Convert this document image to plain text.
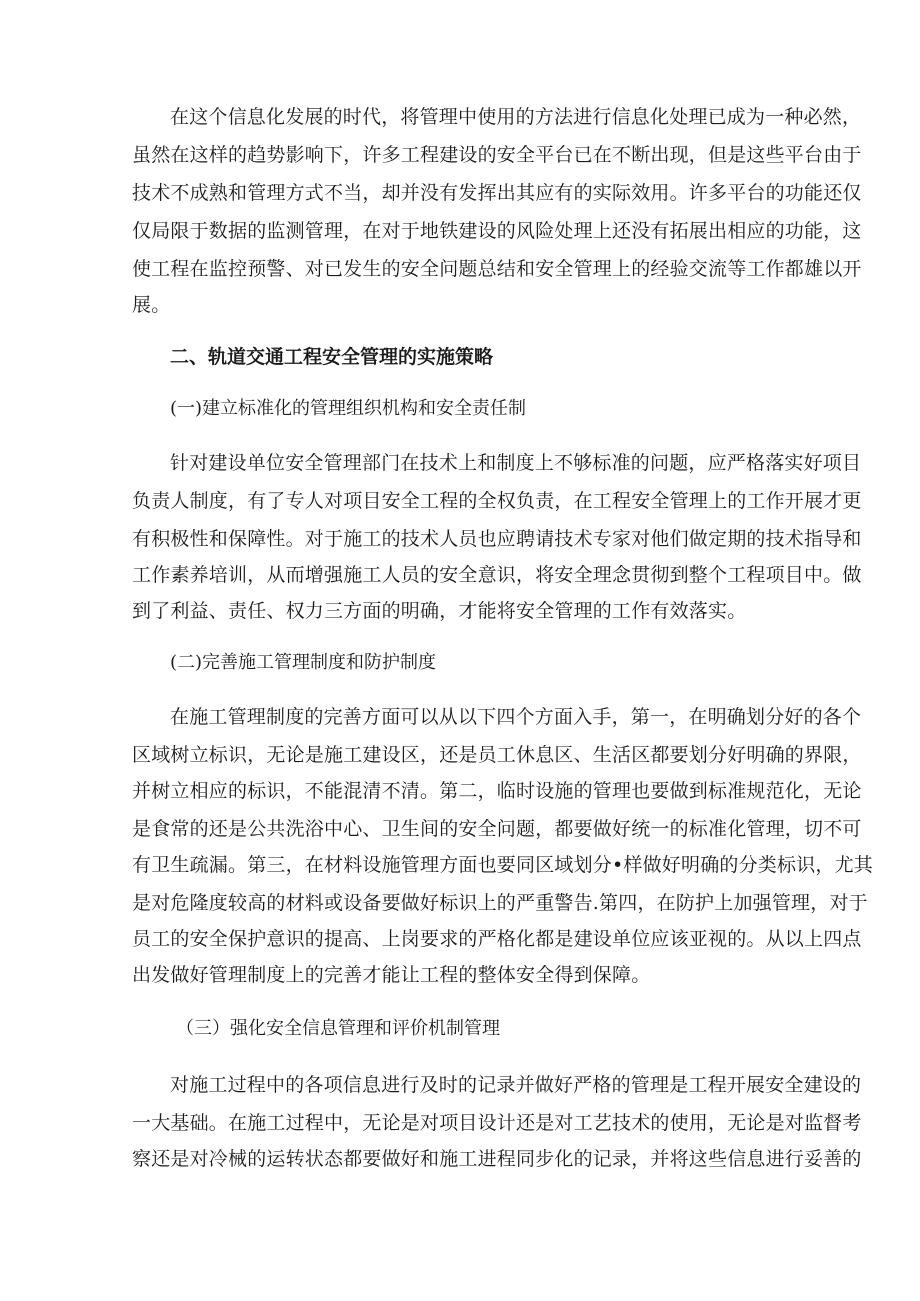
在这个信息化发展的时代，将管理中使用的方法进行信息化处理已成为一种必然，
虽然在这样的趋势影响下，许多工程建设的安全平台已在不断出现，但是这些平台由于
技术不成熟和管理方式不当，却并没有发挥出其应有的实际效用。许多平台的功能还仅
仅局限于数据的监测管理，在对于地铁建设的风险处理上还没有拓展出相应的功能，这
使工程在监控预警、对已发生的安全问题总结和安全管理上的经验交流等工作都雄以开
展。
二、轨道交通工程安全管理的实施策略
(一)建立标准化的管理组织机构和安全责任制
针对建设单位安全管理部门在技术上和制度上不够标准的问题，应严格落实好项目
负责人制度，有了专人对项目安全工程的全权负责，在工程安全管理上的工作开展才更
有积极性和保障性。对于施工的技术人员也应聘请技术专家对他们做定期的技术指导和
工作素养培训，从而增强施工人员的安全意识，将安全理念贯彻到整个工程项目中。做
到了利益、责任、权力三方面的明确，才能将安全管理的工作有效落实。
(二)完善施工管理制度和防护制度
在施工管理制度的完善方面可以从以下四个方面入手，第一，在明确划分好的各个
区域树立标识，无论是施工建设区，还是员工休息区、生活区都要划分好明确的界限，
并树立相应的标识，不能混清不清。第二，临时设施的管理也要做到标准规范化，无论
是食常的还是公共洗浴中心、卫生间的安全问题，都要做好统一的标准化管理，切不可
有卫生疏漏。第三，在材料设施管理方面也要同区域划分•样做好明确的分类标识，尤其
是对危隆度较高的材料或设备要做好标识上的严重警告.第四，在防护上加强管理，对于
员工的安全保护意识的提高、上岗要求的严格化都是建设单位应该亚视的。从以上四点
出发做好管理制度上的完善才能让工程的整体安全得到保障。
（三）强化安全信息管理和评价机制管理
对施工过程中的各项信息进行及时的记录并做好严格的管理是工程开展安全建设的
一大基础。在施工过程中，无论是对项目设计还是对工艺技术的使用，无论是对监督考
察还是对冷械的运转状态都要做好和施工进程同步化的记录，并将这些信息进行妥善的
